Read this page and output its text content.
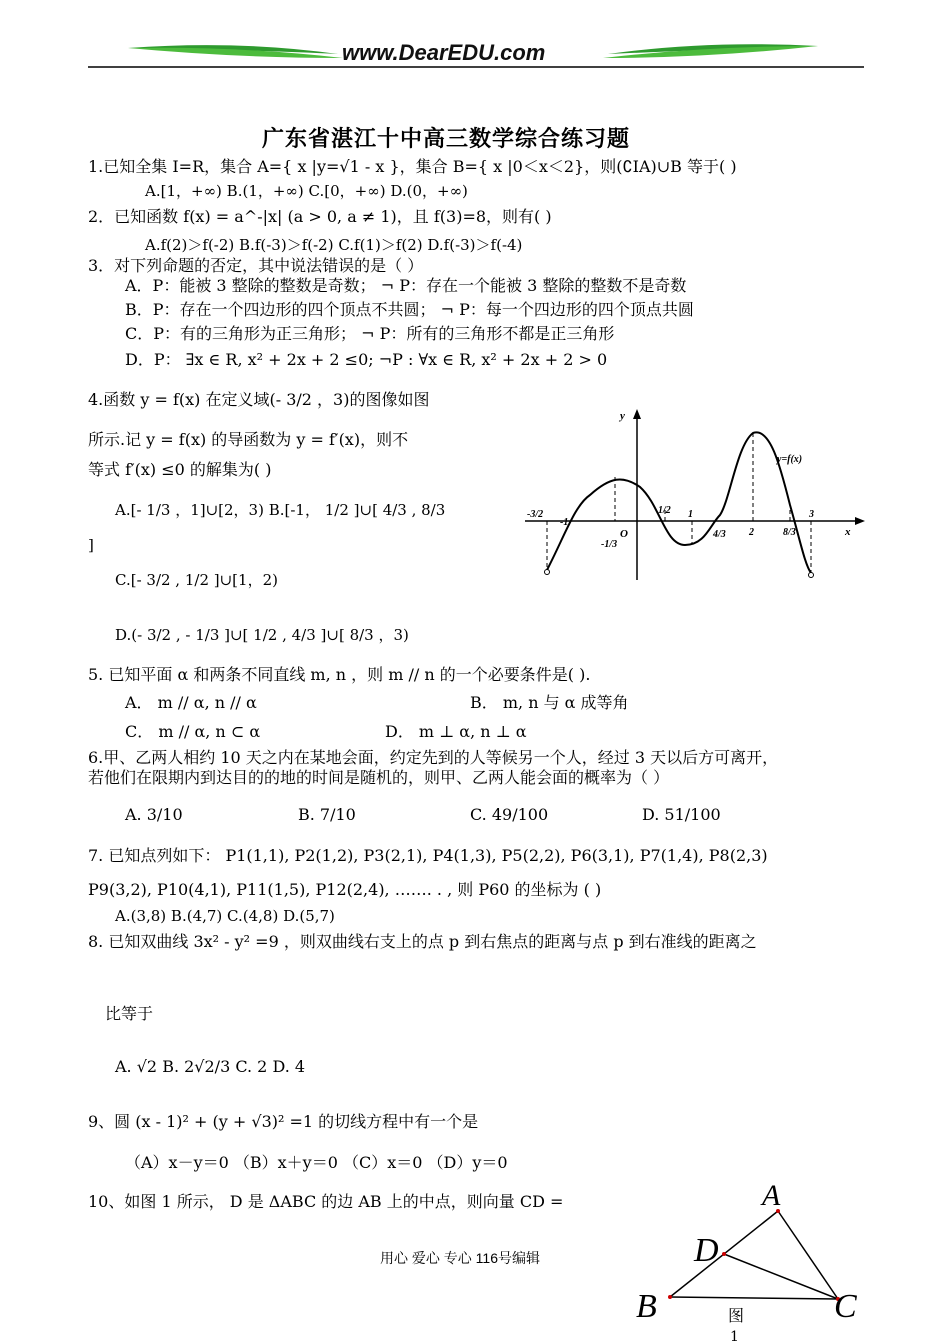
www.DearEDU.com
广东省湛江十中高三数学综合练习题
1.已知全集 I=R，集合 A={ x |y=√1 - x }，集合 B={ x |0＜x＜2}，则(∁IA)∪B 等于( )
A.[1，+∞) B.(1，+∞) C.[0，+∞) D.(0，+∞)
2．已知函数 f(x) = a^-|x| (a > 0, a ≠ 1)，且 f(3)=8，则有( )
A.f(2)＞f(-2) B.f(-3)＞f(-2) C.f(1)＞f(2) D.f(-3)＞f(-4)
3．对下列命题的否定，其中说法错误的是（ ）
A．P：能被 3 整除的整数是奇数； ¬ P：存在一个能被 3 整除的整数不是奇数
B．P：存在一个四边形的四个顶点不共圆； ¬ P：每一个四边形的四个顶点共圆
C．P：有的三角形为正三角形； ¬ P：所有的三角形不都是正三角形
D．P： ∃x ∈ R, x² + 2x + 2 ≤0; ¬P : ∀x ∈ R, x² + 2x + 2 > 0
4.函数 y = f(x) 在定义域(- 3/2 ，3)的图像如图
所示.记 y = f(x) 的导函数为 y = f′(x)，则不
等式 f′(x) ≤0 的解集为( )
A.[- 1/3 ，1]∪[2，3) B.[-1， 1/2 ]∪[ 4/3 , 8/3
]
C.[- 3/2 , 1/2 ]∪[1，2)
D.(- 3/2 , - 1/3 ]∪[ 1/2 , 4/3 ]∪[ 8/3 ，3)
y
x
O
y=f(x)
-3/2
-1
-1/3
1/2 1
4/3 2	8/3
3
5. 已知平面 α 和两条不同直线 m, n ，则 m // n 的一个必要条件是( ).
A． m // α, n // α	B． m, n 与 α 成等角
C． m // α, n ⊂ α	D． m ⊥ α, n ⊥ α
6.甲、乙两人相约 10 天之内在某地会面，约定先到的人等候另一个人，经过 3 天以后方可离开，
若他们在限期内到达目的的地的时间是随机的，则甲、乙两人能会面的概率为（ ）
A. 3/10	B. 7/10	C. 49/100	D. 51/100
7. 已知点列如下： P1(1,1), P2(1,2), P3(2,1), P4(1,3), P5(2,2), P6(3,1), P7(1,4), P8(2,3)
P9(3,2), P10(4,1), P11(1,5), P12(2,4), ……. . , 则 P60 的坐标为 ( )
A.(3,8) B.(4,7) C.(4,8) D.(5,7)
8. 已知双曲线 3x² - y² =9 ，则双曲线右支上的点 p 到右焦点的距离与点 p 到右准线的距离之
比等于
A. √2 B. 2√2/3 C. 2 D. 4
9、圆 (x - 1)² + (y + √3)² =1 的切线方程中有一个是
（A）x－y＝0 （B）x＋y＝0 （C）x＝0 （D）y＝0
10、如图 1 所示， D 是 ΔABC 的边 AB 上的中点，则向量 CD =	A
B	C
D
图
1
用心 爱心 专心 116号编辑
